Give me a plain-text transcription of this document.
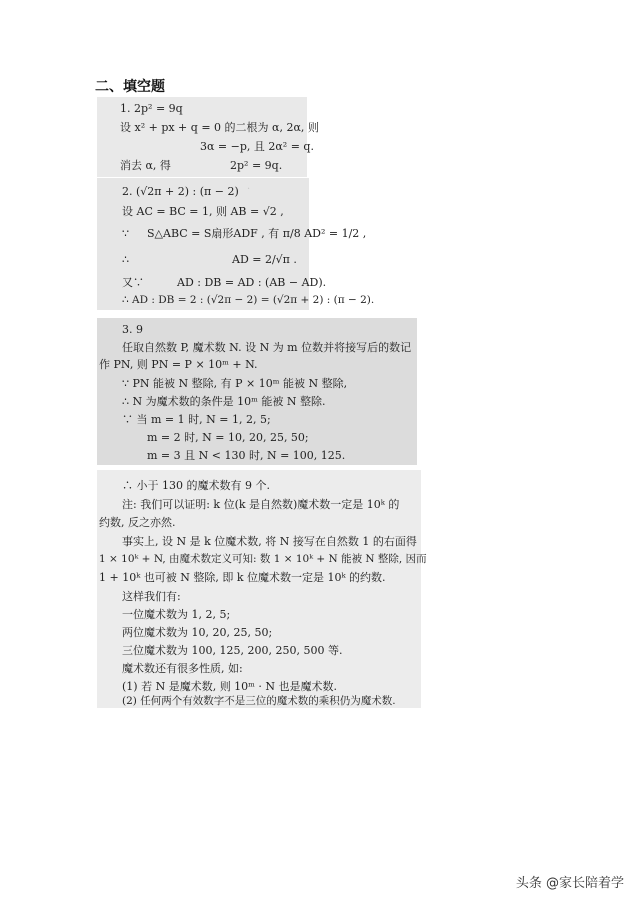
二、填空题
1. 2p² = 9q
设 x² + px + q = 0 的二根为 α, 2α, 则
3α = −p, 且 2α² = q.
消去 α, 得	2p² = 9q.
·
2. (√2π + 2) : (π − 2)
设 AC = BC = 1, 则 AB = √2 ,
∵ S△ABC = S扇形ADF , 有 π/8 AD² = 1/2 ,
∴	AD = 2/√π .
又∵	AD : DB = AD : (AB − AD).
∴ AD : DB = 2 : (√2π − 2) = (√2π + 2) : (π − 2).
3. 9
任取自然数 P, 魔术数 N. 设 N 为 m 位数并将接写后的数记
作 PN, 则 PN = P × 10ᵐ + N.
∵ PN 能被 N 整除, 有 P × 10ᵐ 能被 N 整除,
∴ N 为魔术数的条件是 10ᵐ 能被 N 整除.
∵ 当 m = 1 时, N = 1, 2, 5;
m = 2 时, N = 10, 20, 25, 50;
m = 3 且 N < 130 时, N = 100, 125.
∴ 小于 130 的魔术数有 9 个.
注: 我们可以证明: k 位(k 是自然数)魔术数一定是 10ᵏ 的
约数, 反之亦然.
事实上, 设 N 是 k 位魔术数, 将 N 接写在自然数 1 的右面得
1 × 10ᵏ + N, 由魔术数定义可知: 数 1 × 10ᵏ + N 能被 N 整除, 因而
1 + 10ᵏ 也可被 N 整除, 即 k 位魔术数一定是 10ᵏ 的约数.
这样我们有:
一位魔术数为 1, 2, 5;
两位魔术数为 10, 20, 25, 50;
三位魔术数为 100, 125, 200, 250, 500 等.
魔术数还有很多性质, 如:
(1) 若 N 是魔术数, 则 10ᵐ · N 也是魔术数.
(2) 任何两个有效数字不是三位的魔术数的乘积仍为魔术数.
头条 @家长陪着学
